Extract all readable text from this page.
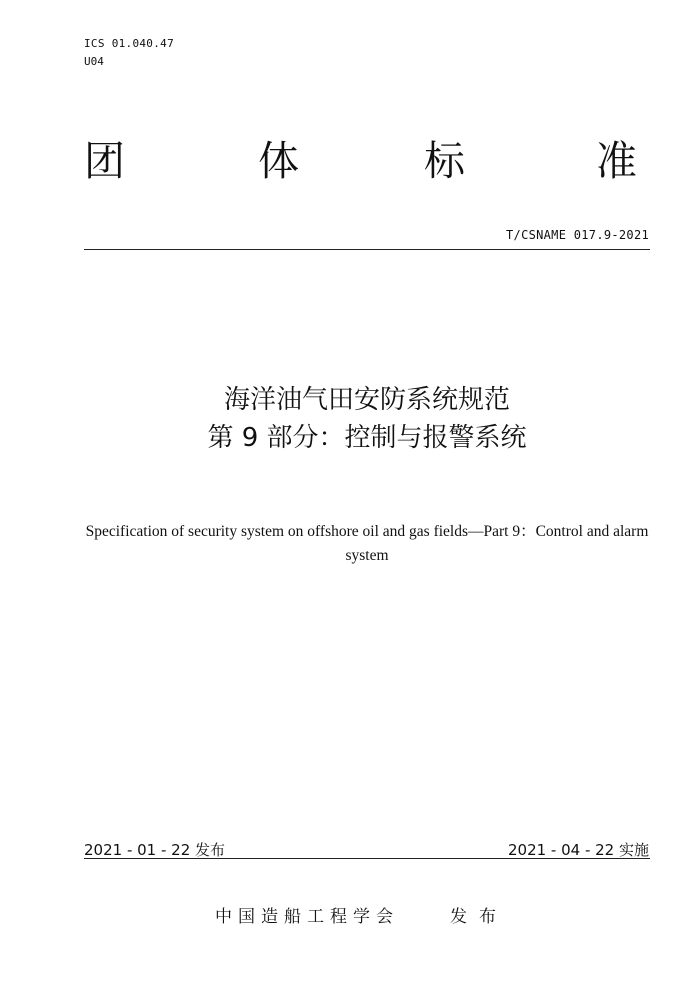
ICS 01.040.47
U04
团	体	标	准
T/CSNAME 017.9-2021
海洋油气田安防系统规范
第 9 部分：控制与报警系统
Specification of security system on offshore oil and gas fields—Part 9：Control and alarm system
2021 - 01 - 22 发布	2021 - 04 - 22 实施
中国造船工程学会	发布
